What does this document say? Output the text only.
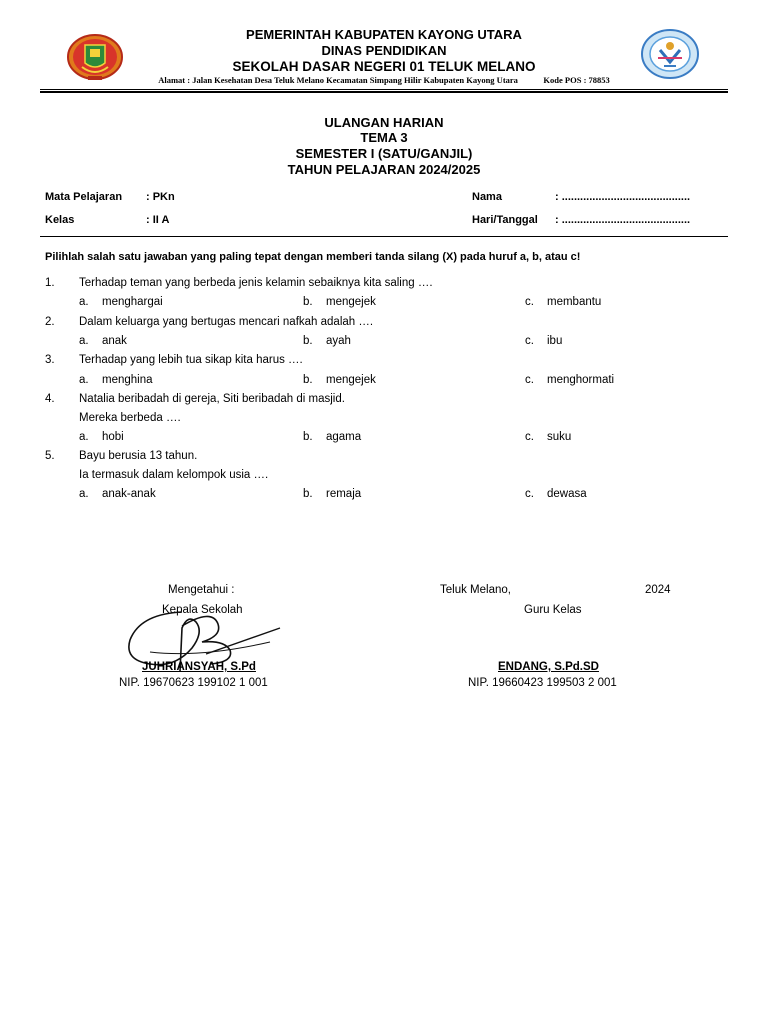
PEMERINTAH KABUPATEN KAYONG UTARA
DINAS PENDIDIKAN
SEKOLAH DASAR NEGERI 01 TELUK MELANO
Alamat : Jalan Kesehatan Desa Teluk Melano Kecamatan Simpang Hilir Kabupaten Kayong Utara	Kode POS : 78853
ULANGAN HARIAN
TEMA 3
SEMESTER I (SATU/GANJIL)
TAHUN PELAJARAN 2024/2025
Mata Pelajaran : PKn	Nama	: ..........................................
Kelas	: II A	Hari/Tanggal : ..........................................
Pilihlah salah satu jawaban yang paling tepat dengan memberi tanda silang (X) pada huruf a, b, atau c!
1. Terhadap teman yang berbeda jenis kelamin sebaiknya kita saling ….
a. menghargai	b. mengejek	c. membantu
2. Dalam keluarga yang bertugas mencari nafkah adalah ….
a. anak	b. ayah	c. ibu
3. Terhadap yang lebih tua sikap kita harus ….
a. menghina	b. mengejek	c. menghormati
4. Natalia beribadah di gereja, Siti beribadah di masjid.
Mereka berbeda ….
a. hobi	b. agama	c. suku
5. Bayu berusia 13 tahun.
Ia termasuk dalam kelompok usia ….
a. anak-anak	b. remaja	c. dewasa
Mengetahui :
Kepala Sekolah
JUHRIANSYAH, S.Pd
NIP. 19670623 199102 1 001
Teluk Melano,	2024
Guru Kelas
ENDANG, S.Pd.SD
NIP. 19660423 199503 2 001
